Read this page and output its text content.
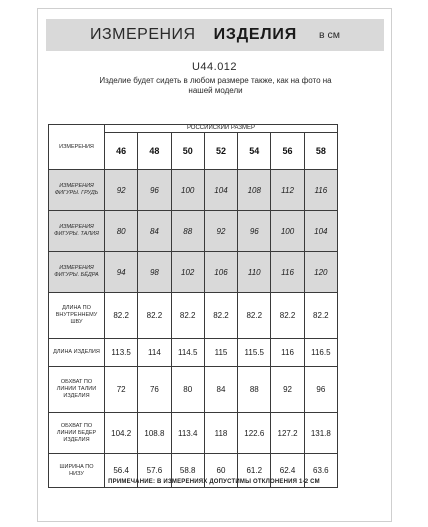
ИЗМЕРЕНИЯ ИЗДЕЛИЯ в см
U44.012
Изделие будет сидеть в любом размере также, как на фото на
нашей модели
ИЗМЕРЕНИЯ	РОССИЙСКИЙ РАЗМЕР						
	46	48	50	52	54	56	58
ИЗМЕРЕНИЯ
ФИГУРЫ. ГРУДЬ	92	96	100	104	108	112	116
ИЗМЕРЕНИЯ
ФИГУРЫ. ТАЛИЯ	80	84	88	92	96	100	104
ИЗМЕРЕНИЯ
ФИГУРЫ. БЁДРА	94	98	102	106	110	116	120
ДЛИНА ПО
ВНУТРЕННЕМУ
ШВУ	82.2	82.2	82.2	82.2	82.2	82.2	82.2
ДЛИНА ИЗДЕЛИЯ	113.5	114	114.5	115	115.5	116	116.5
ОБХВАТ ПО
ЛИНИИ ТАЛИИ
ИЗДЕЛИЯ	72	76	80	84	88	92	96
ОБХВАТ ПО
ЛИНИИ БЕДЕР
ИЗДЕЛИЯ	104.2	108.8	113.4	118	122.6	127.2	131.8
ШИРИНА ПО
НИЗУ	56.4	57.6	58.8	60	61.2	62.4	63.6
ПРИМЕЧАНИЕ: В ИЗМЕРЕНИЯХ ДОПУСТИМЫ ОТКЛОНЕНИЯ 1-2 СМ
